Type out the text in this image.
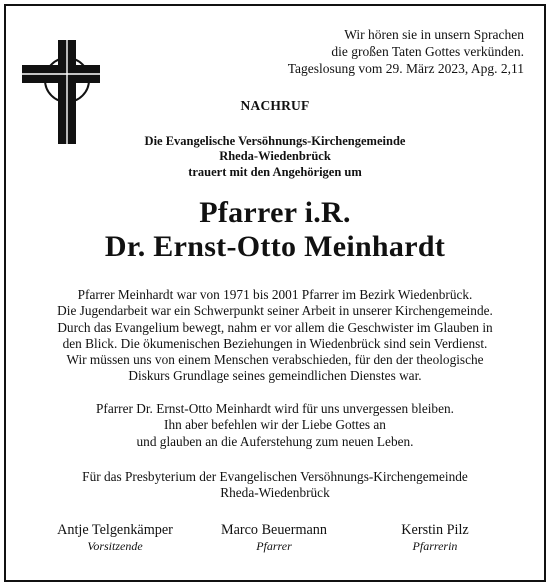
Wir hören sie in unsern Sprachen
die großen Taten Gottes verkünden.
Tageslosung vom 29. März 2023, Apg. 2,11
NACHRUF
Die Evangelische Versöhnungs-Kirchengemeinde
Rheda-Wiedenbrück
trauert mit den Angehörigen um
Pfarrer i.R.
Dr. Ernst-Otto Meinhardt
Pfarrer Meinhardt war von 1971 bis 2001 Pfarrer im Bezirk Wiedenbrück.
Die Jugendarbeit war ein Schwerpunkt seiner Arbeit in unserer Kirchengemeinde.
Durch das Evangelium bewegt, nahm er vor allem die Geschwister im Glauben in
den Blick. Die ökumenischen Beziehungen in Wiedenbrück sind sein Verdienst.
Wir müssen uns von einem Menschen verabschieden, für den der theologische
Diskurs Grundlage seines gemeindlichen Dienstes war.
Pfarrer Dr. Ernst-Otto Meinhardt wird für uns unvergessen bleiben.
Ihn aber befehlen wir der Liebe Gottes an
und glauben an die Auferstehung zum neuen Leben.
Für das Presbyterium der Evangelischen Versöhnungs-Kirchengemeinde
Rheda-Wiedenbrück
Antje Telgenkämper
Vorsitzende
Marco Beuermann
Pfarrer
Kerstin Pilz
Pfarrerin
